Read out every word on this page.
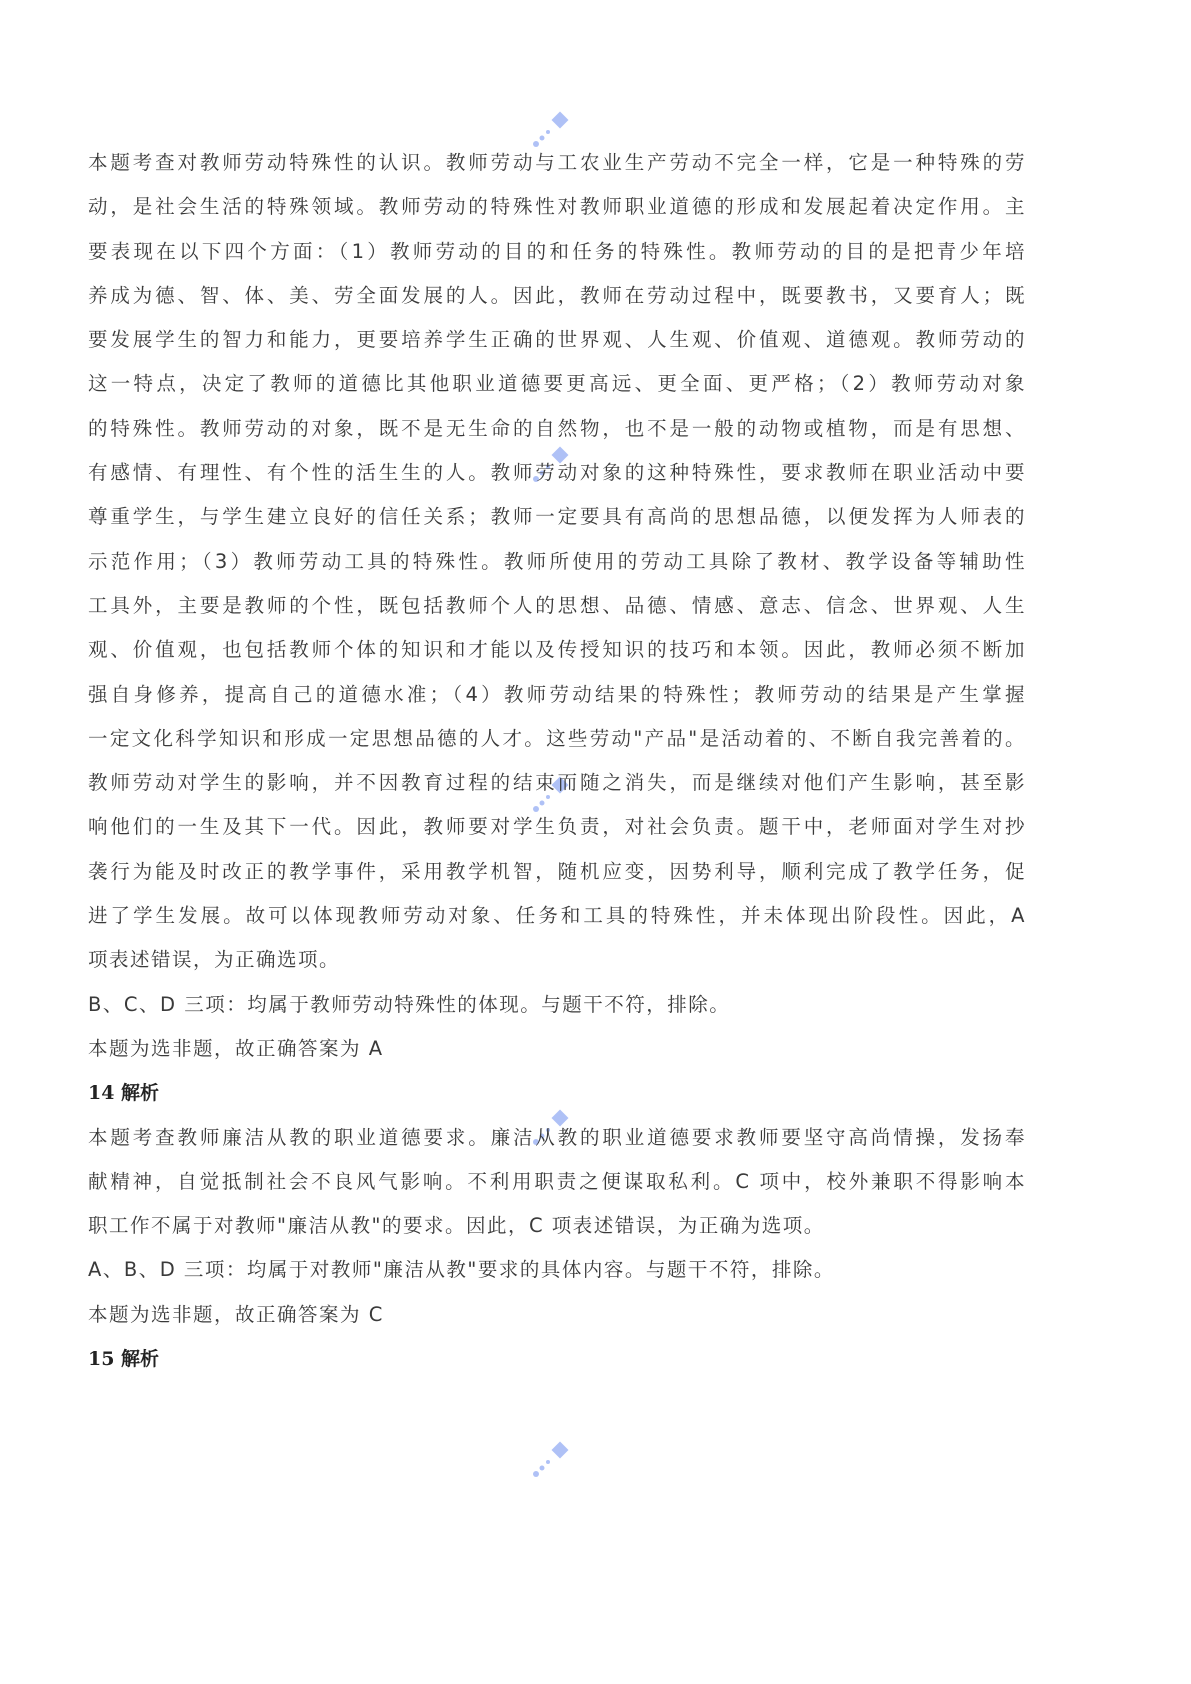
本题考查对教师劳动特殊性的认识。教师劳动与工农业生产劳动不完全一样，它是一种特殊的劳
动，是社会生活的特殊领域。教师劳动的特殊性对教师职业道德的形成和发展起着决定作用。主
要表现在以下四个方面：（1）教师劳动的目的和任务的特殊性。教师劳动的目的是把青少年培
养成为德、智、体、美、劳全面发展的人。因此，教师在劳动过程中，既要教书，又要育人；既
要发展学生的智力和能力，更要培养学生正确的世界观、人生观、价值观、道德观。教师劳动的
这一特点，决定了教师的道德比其他职业道德要更高远、更全面、更严格；（2）教师劳动对象
的特殊性。教师劳动的对象，既不是无生命的自然物，也不是一般的动物或植物，而是有思想、
有感情、有理性、有个性的活生生的人。教师劳动对象的这种特殊性，要求教师在职业活动中要
尊重学生，与学生建立良好的信任关系；教师一定要具有高尚的思想品德，以便发挥为人师表的
示范作用；（3）教师劳动工具的特殊性。教师所使用的劳动工具除了教材、教学设备等辅助性
工具外，主要是教师的个性，既包括教师个人的思想、品德、情感、意志、信念、世界观、人生
观、价值观，也包括教师个体的知识和才能以及传授知识的技巧和本领。因此，教师必须不断加
强自身修养，提高自己的道德水准；（4）教师劳动结果的特殊性；教师劳动的结果是产生掌握
一定文化科学知识和形成一定思想品德的人才。这些劳动"产品"是活动着的、不断自我完善着的。
教师劳动对学生的影响，并不因教育过程的结束而随之消失，而是继续对他们产生影响，甚至影
响他们的一生及其下一代。因此，教师要对学生负责，对社会负责。题干中，老师面对学生对抄
袭行为能及时改正的教学事件，采用教学机智，随机应变，因势利导，顺利完成了教学任务，促
进了学生发展。故可以体现教师劳动对象、任务和工具的特殊性，并未体现出阶段性。因此，A
项表述错误，为正确选项。
B、C、D 三项：均属于教师劳动特殊性的体现。与题干不符，排除。
本题为选非题，故正确答案为 A
14 解析
本题考查教师廉洁从教的职业道德要求。廉洁从教的职业道德要求教师要坚守高尚情操，发扬奉
献精神，自觉抵制社会不良风气影响。不利用职责之便谋取私利。C 项中，校外兼职不得影响本
职工作不属于对教师"廉洁从教"的要求。因此，C 项表述错误，为正确为选项。
A、B、D 三项：均属于对教师"廉洁从教"要求的具体内容。与题干不符，排除。
本题为选非题，故正确答案为 C
15 解析
